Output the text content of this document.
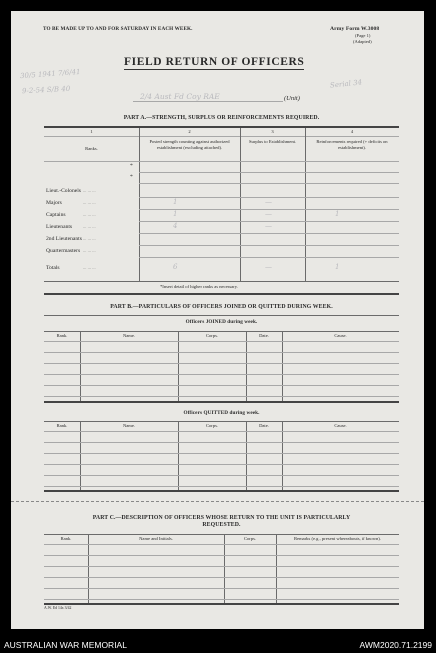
TO BE MADE UP TO AND FOR SATURDAY IN EACH WEEK.	Army Form W.3008
(Page 1)
(Adapted)
FIELD RETURN OF OFFICERS
30/5 1941 7/6/41
9-2-54 S/B 40
2/4 Aust Fd Coy RAE
Serial 34
(Unit)
PART A.—STRENGTH, SURPLUS OR REINFORCEMENTS REQUIRED.
1	2	3	4
Ranks.
Posted strength counting against authorized establishment (excluding attached).
Surplus to Establishment.	Reinforcements required (+ deficits on establishment).
*Insert detail of higher ranks as necessary.
PART B.—PARTICULARS OF OFFICERS JOINED OR QUITTED DURING WEEK.
Officers JOINED during week.
Officers QUITTED during week.
PART C.—DESCRIPTION OF OFFICERS WHOSE RETURN TO THE UNIT IS PARTICULARLY
REQUESTED.
A.W. Ed 14x 3/42
AUSTRALIAN WAR MEMORIAL	AWM2020.71.2199
*
*
Lieut.-Colonels ... ... ...
Majors	... ... ...	1	—
Captains	... ... ...	1	—	1
Lieutenants ... ... ...	4	—
2nd Lieutenants ... ... ...
Quartermasters ... ... ...
Totals	... ... ...	6	—	1
Rank.	Name.	Corps.	Date.	Cause.
Rank.	Name.	Corps.	Date.	Cause.
Rank.	Name and Initials.	Corps.	Remarks (e.g., present whereabouts, if known).
